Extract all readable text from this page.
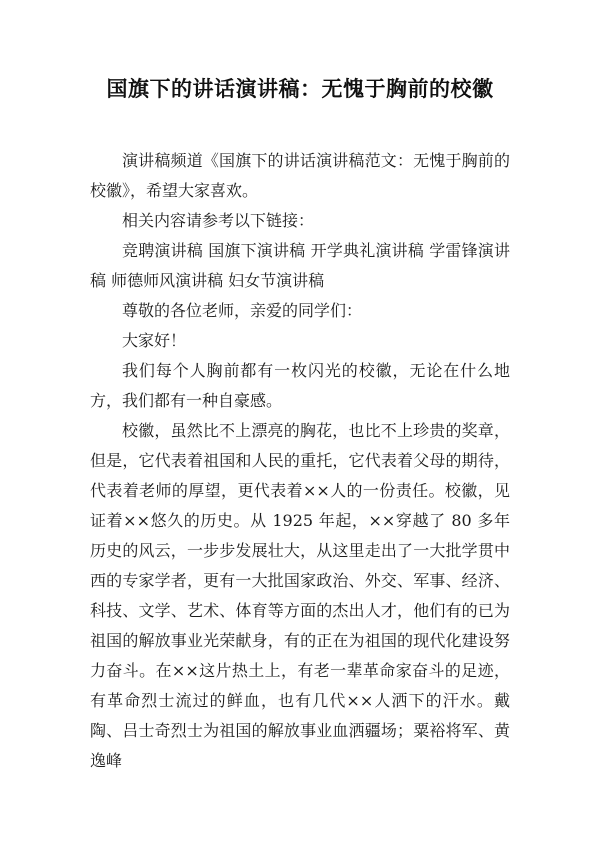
国旗下的讲话演讲稿：无愧于胸前的校徽

演讲稿频道《国旗下的讲话演讲稿范文：无愧于胸前的校徽》，希望大家喜欢。

相关内容请参考以下链接：

竞聘演讲稿 国旗下演讲稿 开学典礼演讲稿 学雷锋演讲稿 师德师风演讲稿 妇女节演讲稿

尊敬的各位老师，亲爱的同学们：

大家好！

我们每个人胸前都有一枚闪光的校徽，无论在什么地方，我们都有一种自豪感。

校徽，虽然比不上漂亮的胸花，也比不上珍贵的奖章，但是，它代表着祖国和人民的重托，它代表着父母的期待，代表着老师的厚望，更代表着××人的一份责任。校徽，见证着××悠久的历史。从 1925 年起，××穿越了 80 多年历史的风云，一步步发展壮大，从这里走出了一大批学贯中西的专家学者，更有一大批国家政治、外交、军事、经济、科技、文学、艺术、体育等方面的杰出人才，他们有的已为祖国的解放事业光荣献身，有的正在为祖国的现代化建设努力奋斗。在××这片热土上，有老一辈革命家奋斗的足迹，有革命烈士流过的鲜血，也有几代××人洒下的汗水。戴陶、吕士奇烈士为祖国的解放事业血洒疆场；粟裕将军、黄逸峰
